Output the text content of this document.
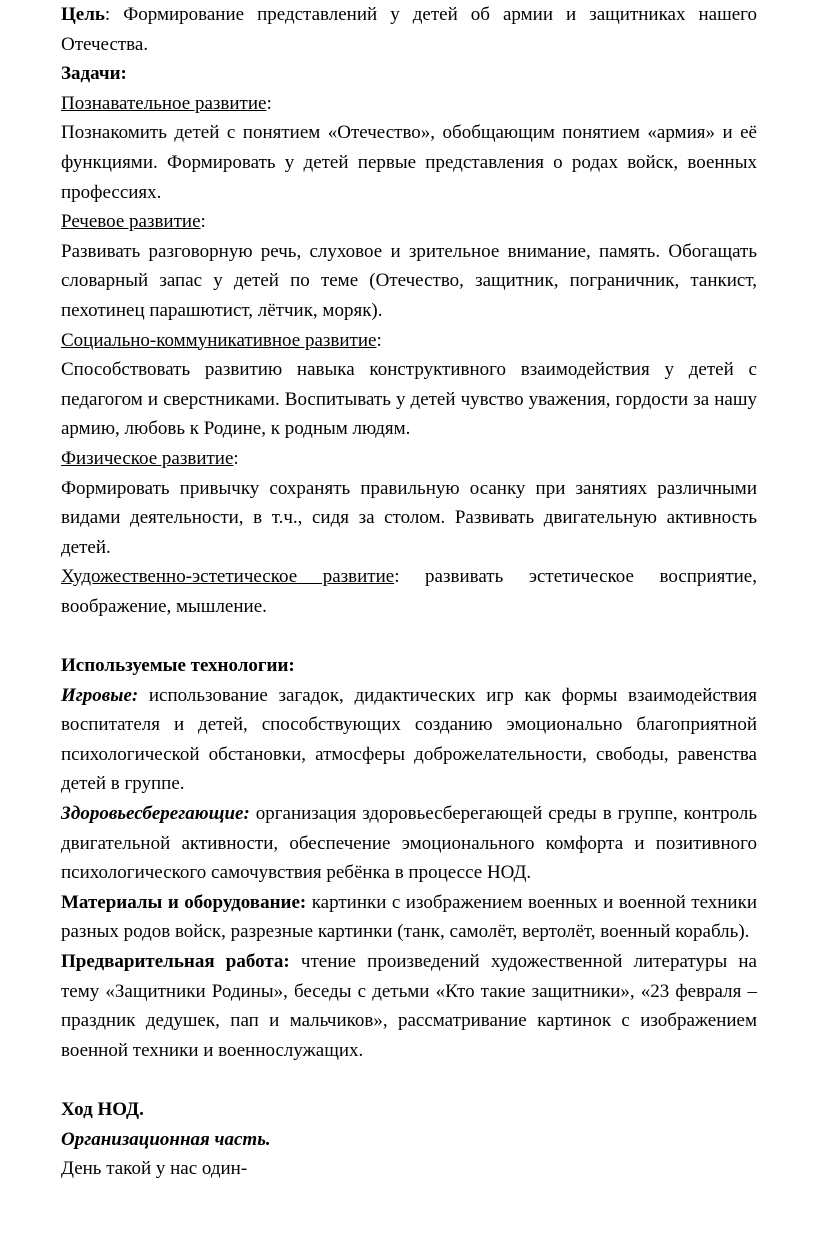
Цель: Формирование представлений у детей об армии и защитниках нашего Отечества.

Задачи:

Познавательное развитие:

Познакомить детей с понятием «Отечество», обобщающим понятием «армия» и её функциями. Формировать у детей первые представления о родах войск, военных профессиях.

Речевое развитие:

Развивать разговорную речь, слуховое и зрительное внимание, память. Обогащать словарный запас у детей по теме (Отечество, защитник, пограничник, танкист, пехотинец парашютист, лётчик, моряк).

Социально-коммуникативное развитие:

Способствовать развитию навыка конструктивного взаимодействия у детей с педагогом и сверстниками. Воспитывать у детей чувство уважения, гордости за нашу армию, любовь к Родине, к родным людям.

Физическое развитие:

Формировать привычку сохранять правильную осанку при занятиях различными видами деятельности, в т.ч., сидя за столом. Развивать двигательную активность детей.

Художественно-эстетическое развитие: развивать эстетическое восприятие, воображение, мышление.

Используемые технологии:

Игровые: использование загадок, дидактических игр как формы взаимодействия воспитателя и детей, способствующих созданию эмоционально благоприятной психологической обстановки, атмосферы доброжелательности, свободы, равенства детей в группе.

Здоровьесберегающие: организация здоровьесберегающей среды в группе, контроль двигательной активности, обеспечение эмоционального комфорта и позитивного психологического самочувствия ребёнка в процессе НОД.

Материалы и оборудование: картинки с изображением военных и военной техники разных родов войск, разрезные картинки (танк, самолёт, вертолёт, военный корабль).

Предварительная работа: чтение произведений художественной литературы на тему «Защитники Родины», беседы с детьми «Кто такие защитники», «23 февраля – праздник дедушек, пап и мальчиков», рассматривание картинок с изображением военной техники и военнослужащих.

Ход НОД.

Организационная часть.

День такой у нас один-
